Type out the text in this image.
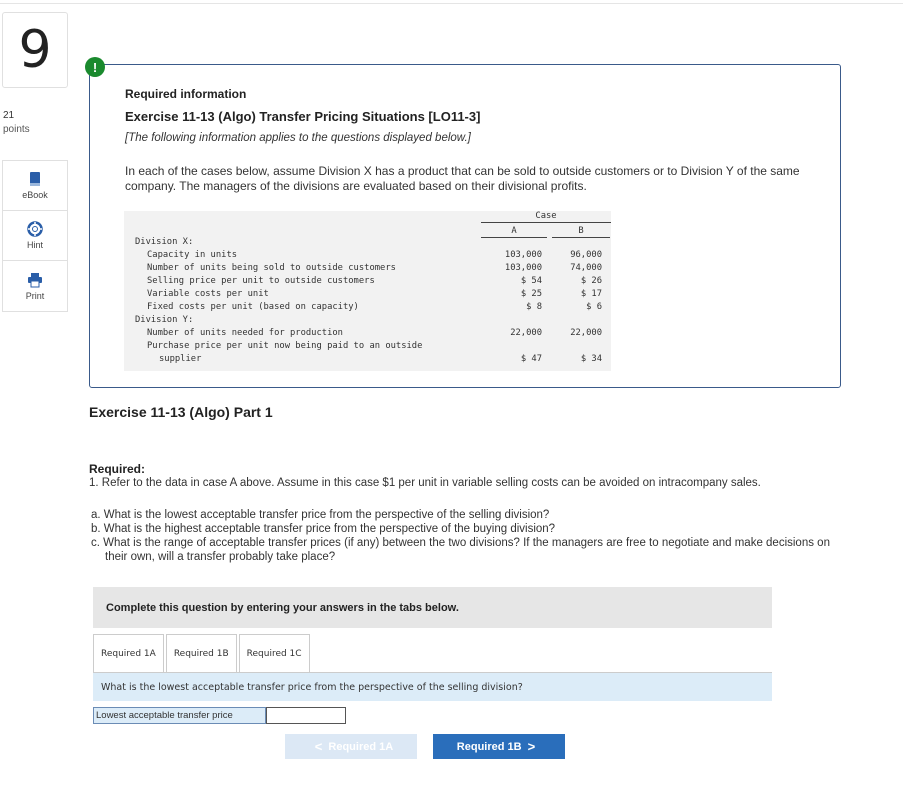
9
21
points
eBook
Hint
Print
!
Required information
Exercise 11-13 (Algo) Transfer Pricing Situations [LO11-3]
[The following information applies to the questions displayed below.]
In each of the cases below, assume Division X has a product that can be sold to outside customers or to Division Y of the same company. The managers of the divisions are evaluated based on their divisional profits.
Case
A	B
Division X:
Capacity in units	103,000	96,000
Number of units being sold to outside customers	103,000	74,000
Selling price per unit to outside customers	$ 54	$ 26
Variable costs per unit	$ 25	$ 17
Fixed costs per unit (based on capacity)	$ 8	$ 6
Division Y:
Number of units needed for production	22,000	22,000
Purchase price per unit now being paid to an outside
supplier	$ 47	$ 34
Exercise 11-13 (Algo) Part 1
Required:
1. Refer to the data in case A above. Assume in this case $1 per unit in variable selling costs can be avoided on intracompany sales.
a. What is the lowest acceptable transfer price from the perspective of the selling division?
b. What is the highest acceptable transfer price from the perspective of the buying division?
c. What is the range of acceptable transfer prices (if any) between the two divisions? If the managers are free to negotiate and make decisions on their own, will a transfer probably take place?
Complete this question by entering your answers in the tabs below.
Required 1A	Required 1B	Required 1C
What is the lowest acceptable transfer price from the perspective of the selling division?
Lowest acceptable transfer price
< Required 1A	Required 1B >
